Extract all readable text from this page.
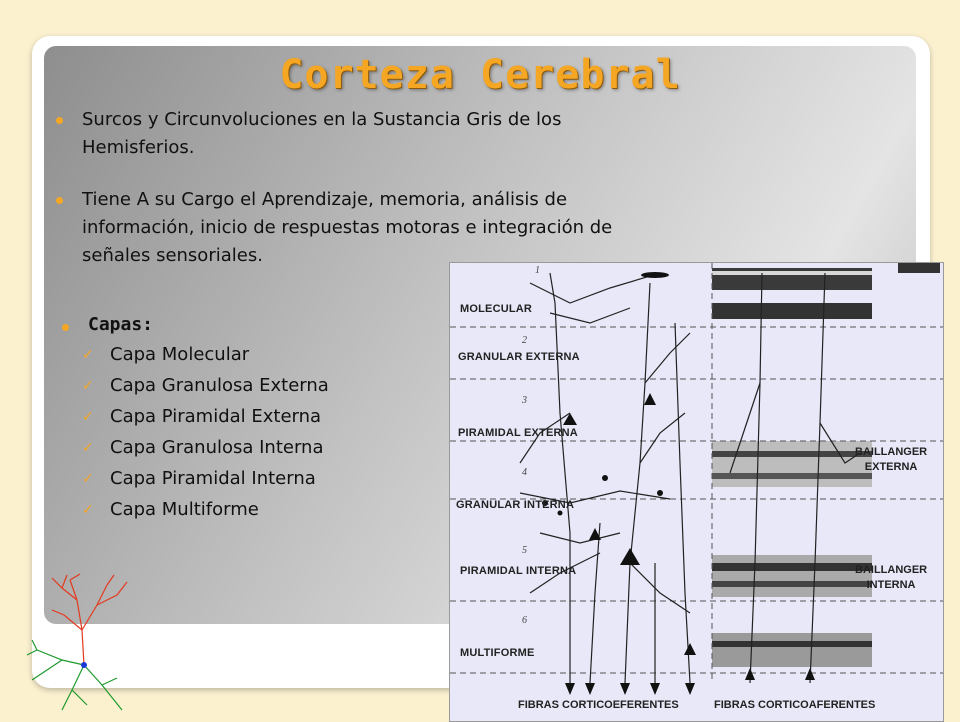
Corteza Cerebral
Surcos y Circunvoluciones en la Sustancia Gris de los Hemisferios.
Tiene A su Cargo el Aprendizaje, memoria, análisis de información, inicio de respuestas motoras e integración de señales sensoriales.
Capas:
✓ Capa Molecular
✓ Capa Granulosa Externa
✓ Capa Piramidal Externa
✓ Capa Granulosa Interna
✓ Capa Piramidal Interna
✓ Capa Multiforme
1
MOLECULAR
2
GRANULAR EXTERNA
3
PIRAMIDAL EXTERNA
4
GRANULAR INTERNA
5
PIRAMIDAL INTERNA
6
MULTIFORME
BAILLANGER
EXTERNA
BAILLANGER
INTERNA
FIBRAS CORTICOEFERENTES	FIBRAS CORTICOAFERENTES
